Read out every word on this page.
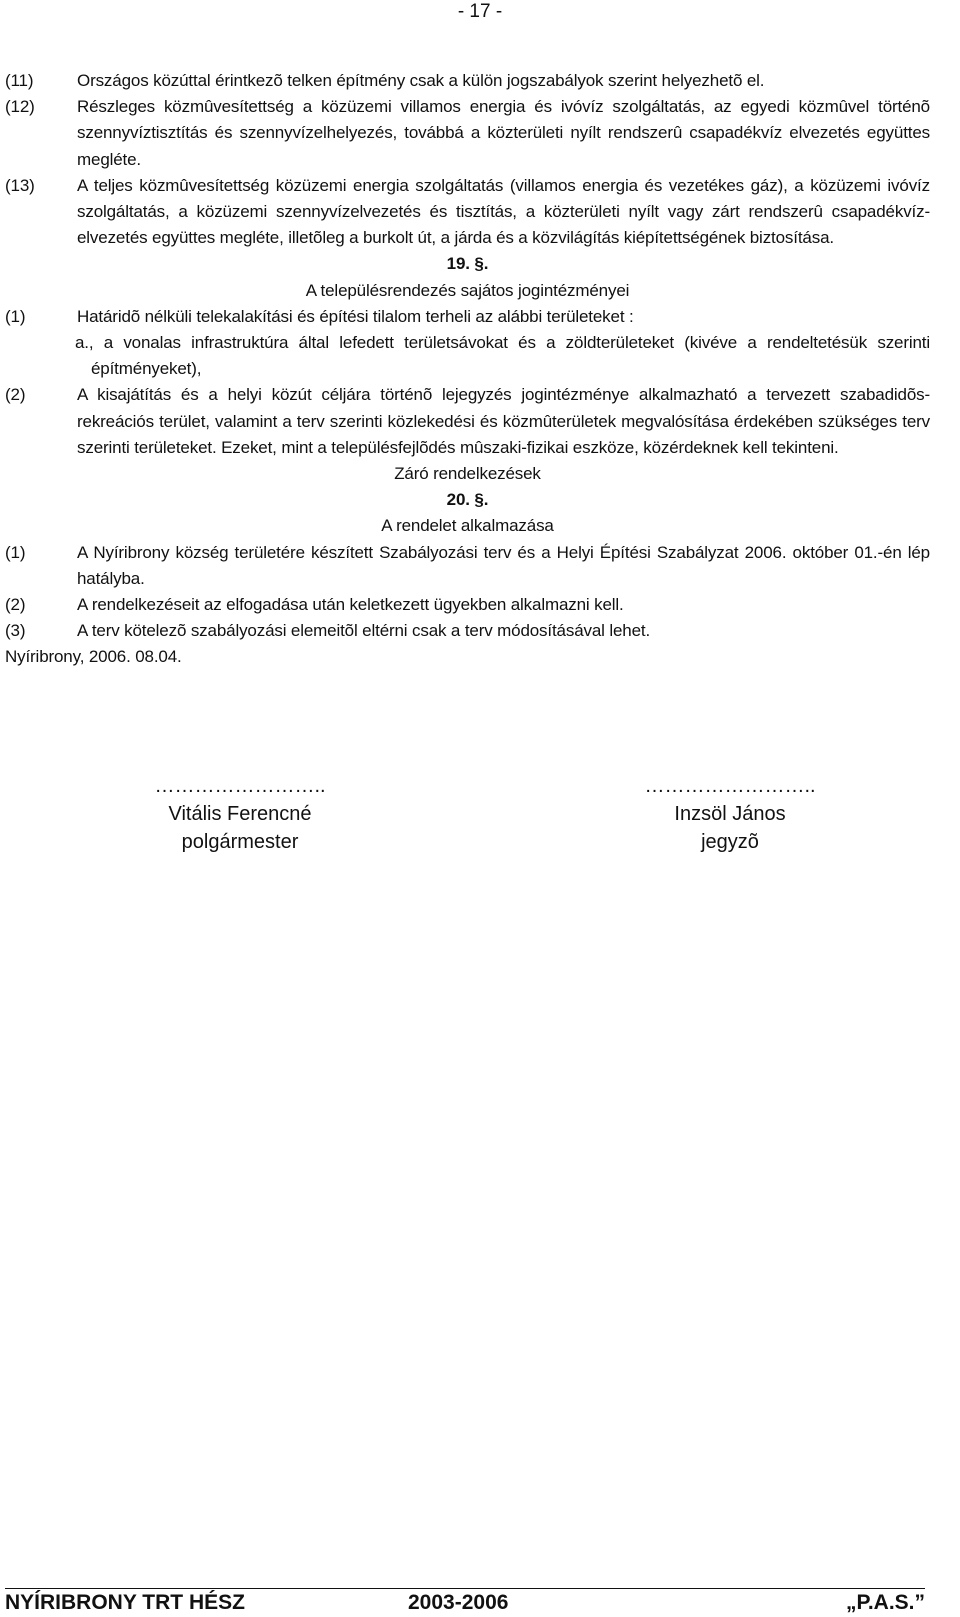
- 17 -
(11)	Országos közúttal érintkezõ telken építmény csak a külön jogszabályok szerint helyezhetõ el.
(12) Részleges közmûvesítettség a közüzemi villamos energia és ivóvíz szolgáltatás, az egyedi közmûvel történõ szennyvíztisztítás és szennyvízelhelyezés, továbbá a közterületi nyílt rendszerû csapadékvíz elvezetés együttes megléte.
(13) A teljes közmûvesítettség közüzemi energia szolgáltatás (villamos energia és vezetékes gáz), a közüzemi ivóvíz szolgáltatás, a közüzemi szennyvízelvezetés és tisztítás, a közterületi nyílt vagy zárt rendszerû csapadékvíz-elvezetés együttes megléte, illetõleg a burkolt út, a járda és a közvilágítás kiépítettségének biztosítása.
19. §.
A településrendezés sajátos jogintézményei
(1)	Határidõ nélküli telekalakítási és építési tilalom terheli az alábbi területeket :
a., a vonalas infrastruktúra által lefedett területsávokat és a zöldterületeket (kivéve a rendeltetésük szerinti építményeket),
(2)	A kisajátítás és a helyi közút céljára történõ lejegyzés jogintézménye alkalmazható a tervezett szabadidõs-rekreációs terület, valamint a terv szerinti közlekedési és közmûterületek megvalósítása érdekében szükséges terv szerinti területeket. Ezeket, mint a településfejlõdés mûszaki-fizikai eszköze, közérdeknek kell tekinteni.
Záró rendelkezések
20. §.
A rendelet alkalmazása
(1)	A Nyíribrony község területére készített Szabályozási terv és a Helyi Építési Szabályzat 2006. október 01.-én lép hatályba.
(2)	A rendelkezéseit az elfogadása után keletkezett ügyekben alkalmazni kell.
(3)	A terv kötelezõ szabályozási elemeitõl eltérni csak a terv módosításával lehet.
Nyíribrony, 2006. 08.04.
……………………..
Vitális Ferencné
polgármester
……………………..
Inzsöl János
jegyzõ
NYÍRIBRONY TRT HÉSZ	2003-2006	„P.A.S.”
